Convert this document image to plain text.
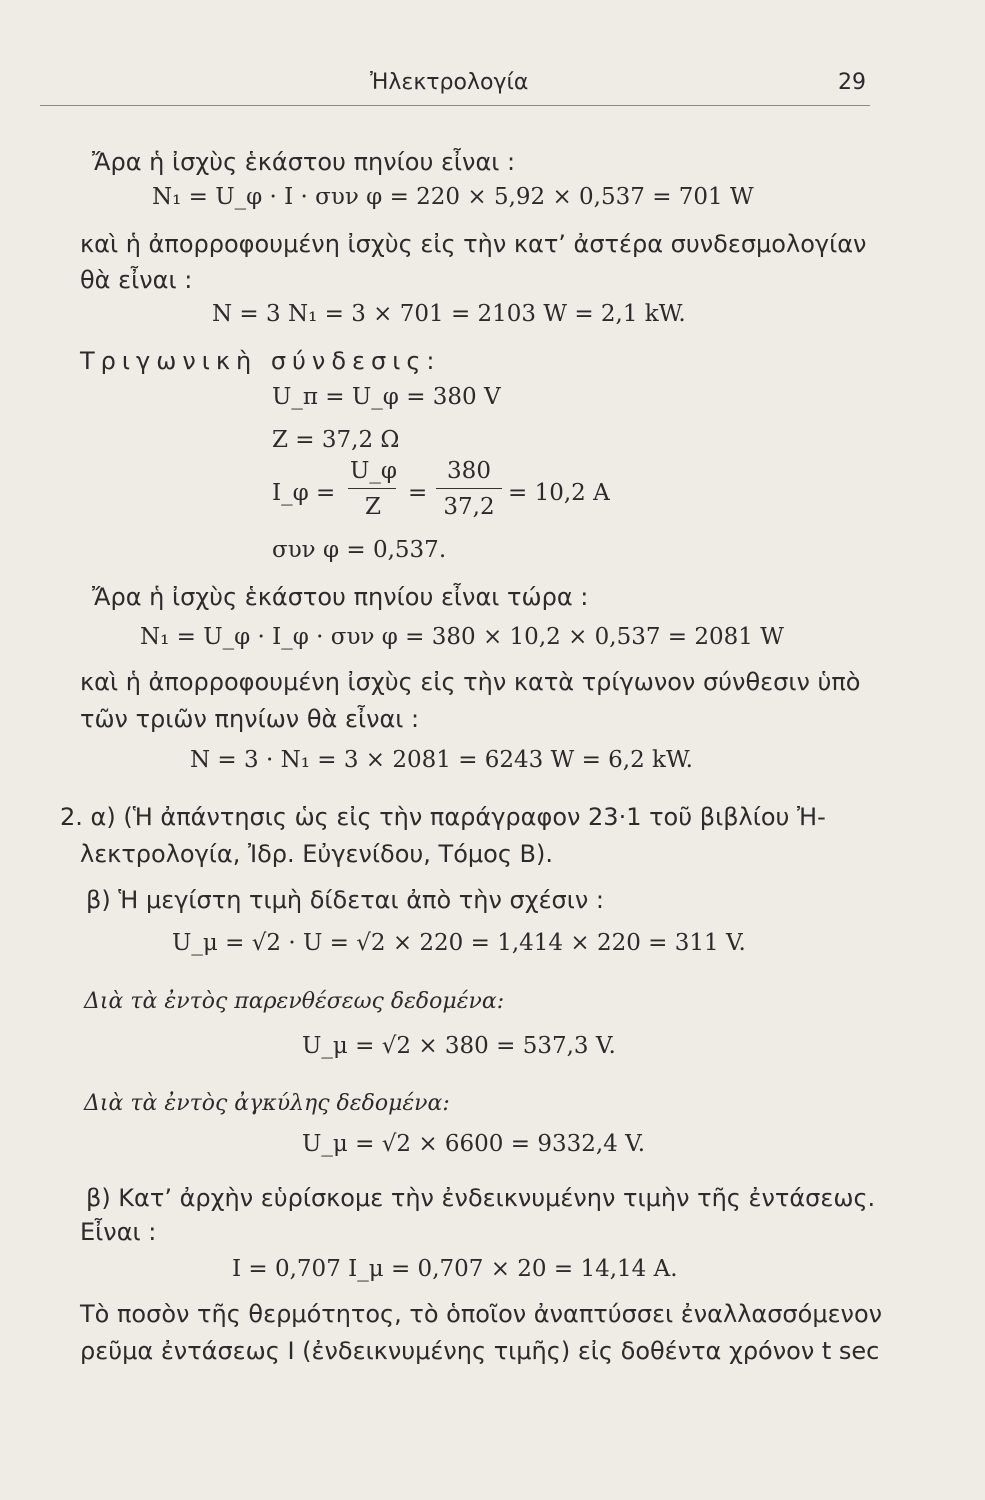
Ἠλεκτρολογία	29
Ἄρα ἡ ἰσχὺς ἑκάστου πηνίου εἶναι :
N₁ = U_φ · I · συν φ = 220 × 5,92 × 0,537 = 701 W
καὶ ἡ ἀπορροφουμένη ἰσχὺς εἰς τὴν κατ’ ἀστέρα συνδεσμολογίαν
θὰ εἶναι :
N = 3 N₁ = 3 × 701 = 2103 W = 2,1 kW.
Τριγωνικὴ σύνδεσις:
U_π = U_φ = 380 V
Z = 37,2 Ω
I_φ =
U_φ
Z
=
380
37,2
= 10,2 A
συν φ = 0,537.
Ἄρα ἡ ἰσχὺς ἑκάστου πηνίου εἶναι τώρα :
N₁ = U_φ · I_φ · συν φ = 380 × 10,2 × 0,537 = 2081 W
καὶ ἡ ἀπορροφουμένη ἰσχὺς εἰς τὴν κατὰ τρίγωνον σύνθεσιν ὑπὸ
τῶν τριῶν πηνίων θὰ εἶναι :
N = 3 · N₁ = 3 × 2081 = 6243 W = 6,2 kW.
2. α) (Ἡ ἀπάντησις ὡς εἰς τὴν παράγραφον 23·1 τοῦ βιβλίου Ἠ-
λεκτρολογία, Ἰδρ. Εὐγενίδου, Τόμος Β).
β) Ἡ μεγίστη τιμὴ δίδεται ἀπὸ τὴν σχέσιν :
U_μ = √2 · U = √2 × 220 = 1,414 × 220 = 311 V.
Διὰ τὰ ἐντὸς παρενθέσεως δεδομένα:
U_μ = √2 × 380 = 537,3 V.
Διὰ τὰ ἐντὸς ἀγκύλης δεδομένα:
U_μ = √2 × 6600 = 9332,4 V.
β) Κατ’ ἀρχὴν εὑρίσκομε τὴν ἐνδεικνυμένην τιμὴν τῆς ἐντάσεως.
Εἶναι :
I = 0,707 I_μ = 0,707 × 20 = 14,14 A.
Τὸ ποσὸν τῆς θερμότητος, τὸ ὁποῖον ἀναπτύσσει ἐναλλασσόμενον
ρεῦμα ἐντάσεως I (ἐνδεικνυμένης τιμῆς) εἰς δοθέντα χρόνον t sec
